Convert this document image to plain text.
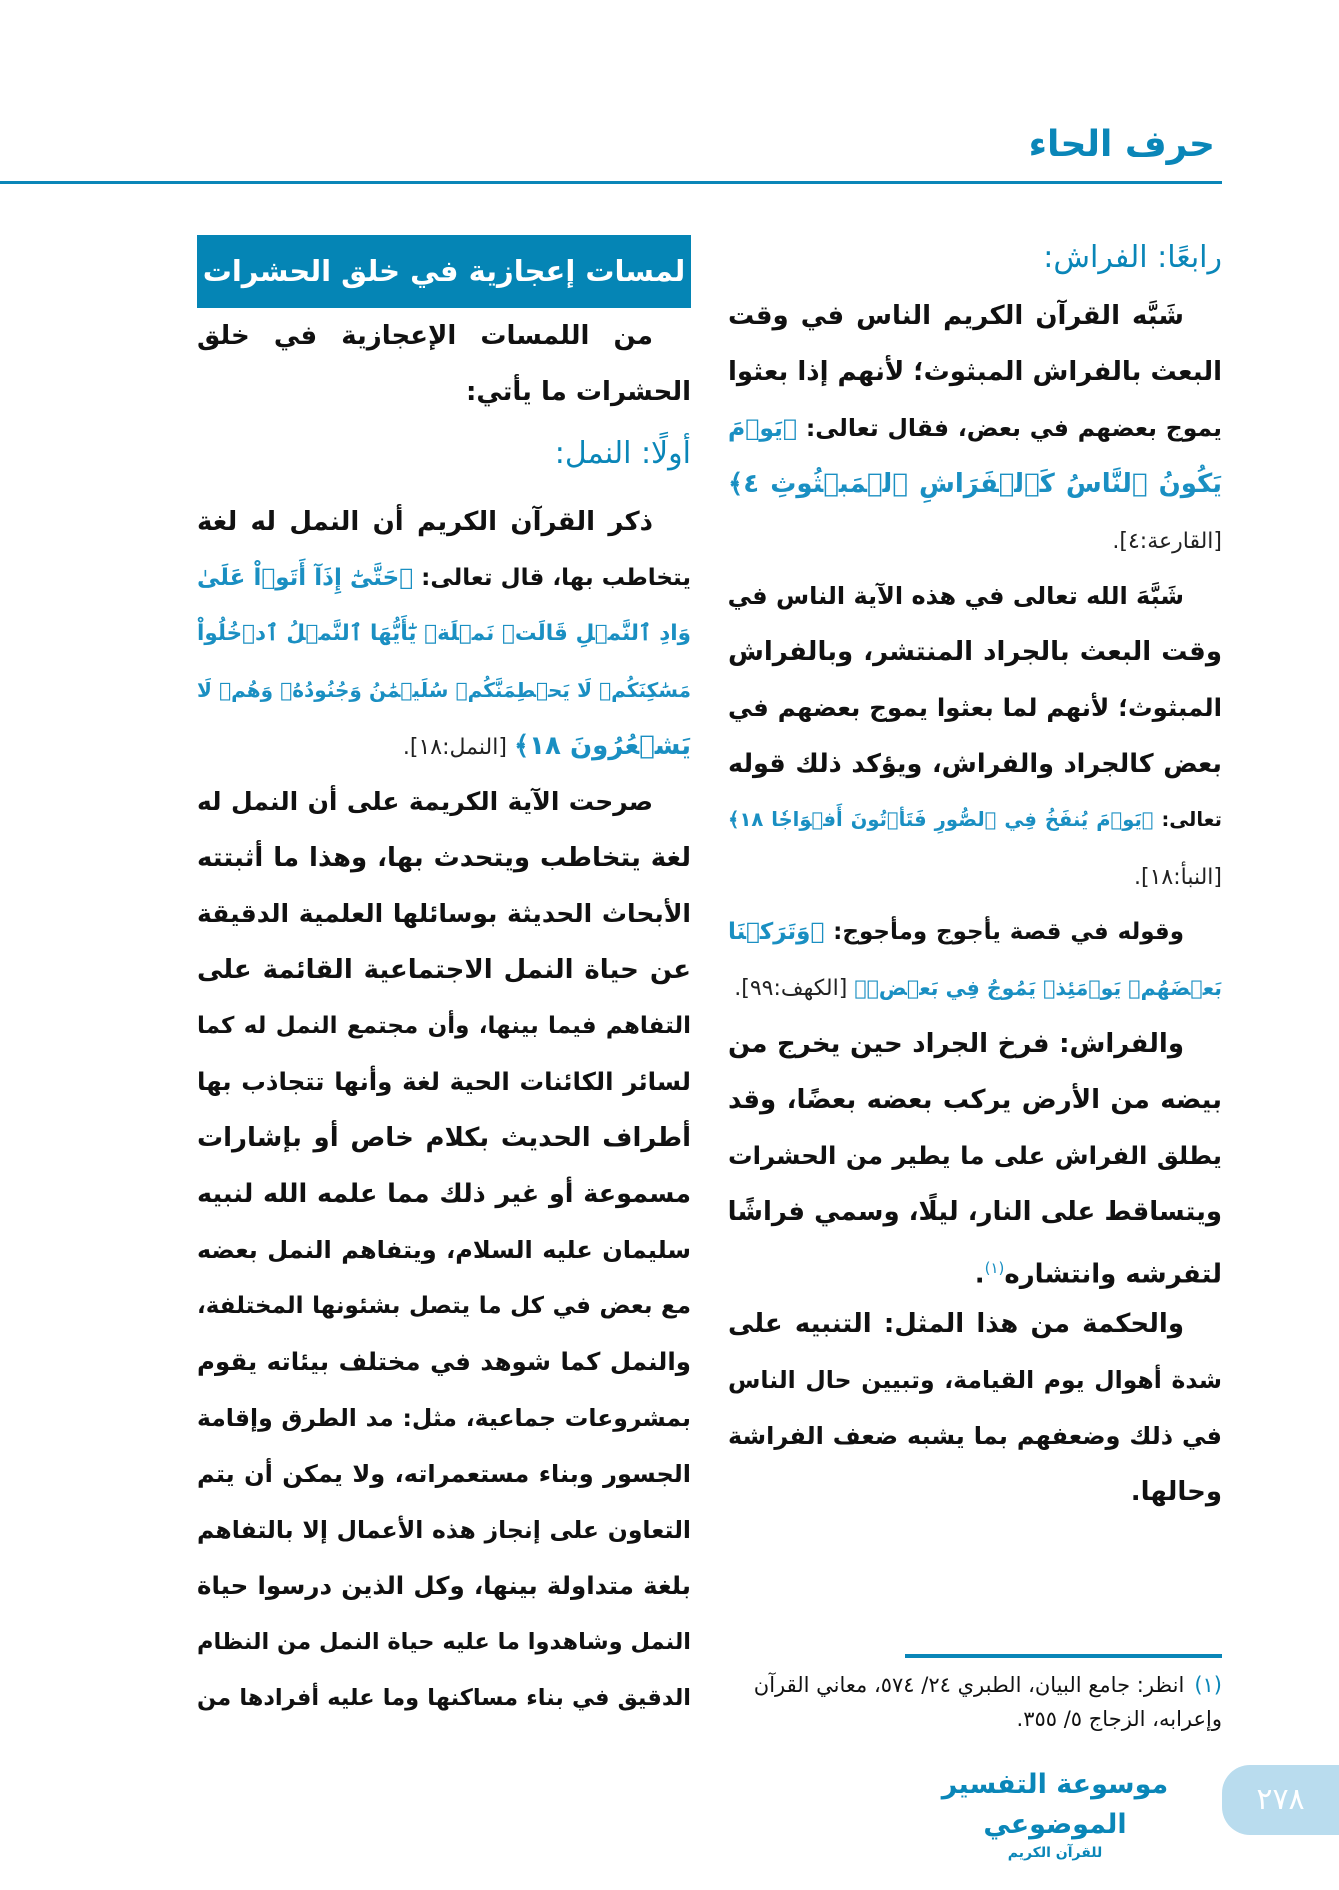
حرف الحاء
رابعًا: الفراش:
شَبَّه القرآن الكريم الناس في وقت
البعث بالفراش المبثوث؛ لأنهم إذا بعثوا
يموج بعضهم في بعض، فقال تعالى: ﴿يَوۡمَ
يَكُونُ ٱلنَّاسُ كَٱلۡفَرَاشِ ٱلۡمَبۡثُوثِ ٤﴾
[القارعة:٤].
شَبَّهَ الله تعالى في هذه الآية الناس في
وقت البعث بالجراد المنتشر، وبالفراش
المبثوث؛ لأنهم لما بعثوا يموج بعضهم في
بعض كالجراد والفراش، ويؤكد ذلك قوله
تعالى: ﴿يَوۡمَ يُنفَخُ فِي ٱلصُّورِ فَتَأۡتُونَ أَفۡوَاجٗا ١٨﴾
[النبأ:١٨].
وقوله في قصة يأجوج ومأجوج: ﴿وَتَرَكۡنَا
بَعۡضَهُمۡ يَوۡمَئِذٖ يَمُوجُ فِي بَعۡضٖ﴾ [الكهف:٩٩].
والفراش: فرخ الجراد حين يخرج من
بيضه من الأرض يركب بعضه بعضًا، وقد
يطلق الفراش على ما يطير من الحشرات
ويتساقط على النار، ليلًا، وسمي فراشًا
لتفرشه وانتشاره$^{(١)}$.
والحكمة من هذا المثل: التنبيه على
شدة أهوال يوم القيامة، وتبيين حال الناس
في ذلك وضعفهم بما يشبه ضعف الفراشة
وحالها.
لمسات إعجازية في خلق الحشرات
من اللمسات الإعجازية في خلق
الحشرات ما يأتي:
أولًا: النمل:
ذكر القرآن الكريم أن النمل له لغة
يتخاطب بها، قال تعالى: ﴿حَتَّىٰٓ إِذَآ أَتَوۡاْ عَلَىٰ
وَادِ ٱلنَّمۡلِ قَالَتۡ نَمۡلَةٞ يَٰٓأَيُّهَا ٱلنَّمۡلُ ٱدۡخُلُواْ
مَسَٰكِنَكُمۡ لَا يَحۡطِمَنَّكُمۡ سُلَيۡمَٰنُ وَجُنُودُهُۥ وَهُمۡ لَا
يَشۡعُرُونَ ١٨﴾ [النمل:١٨].
صرحت الآية الكريمة على أن النمل له
لغة يتخاطب ويتحدث بها، وهذا ما أثبتته
الأبحاث الحديثة بوسائلها العلمية الدقيقة
عن حياة النمل الاجتماعية القائمة على
التفاهم فيما بينها، وأن مجتمع النمل له كما
لسائر الكائنات الحية لغة وأنها تتجاذب بها
أطراف الحديث بكلام خاص أو بإشارات
مسموعة أو غير ذلك مما علمه الله لنبيه
سليمان عليه السلام، ويتفاهم النمل بعضه
مع بعض في كل ما يتصل بشئونها المختلفة،
والنمل كما شوهد في مختلف بيئاته يقوم
بمشروعات جماعية، مثل: مد الطرق وإقامة
الجسور وبناء مستعمراته، ولا يمكن أن يتم
التعاون على إنجاز هذه الأعمال إلا بالتفاهم
بلغة متداولة بينها، وكل الذين درسوا حياة
النمل وشاهدوا ما عليه حياة النمل من النظام
الدقيق في بناء مساكنها وما عليه أفرادها من	(١)انظر: جامع البيان، الطبري ٢٤/ ٥٧٤، معاني القرآن وإعرابه، الزجاج ٥/ ٣٥٥.
موسوعة التفسير الموضوعي
للقرآن الكريم
٢٧٨
